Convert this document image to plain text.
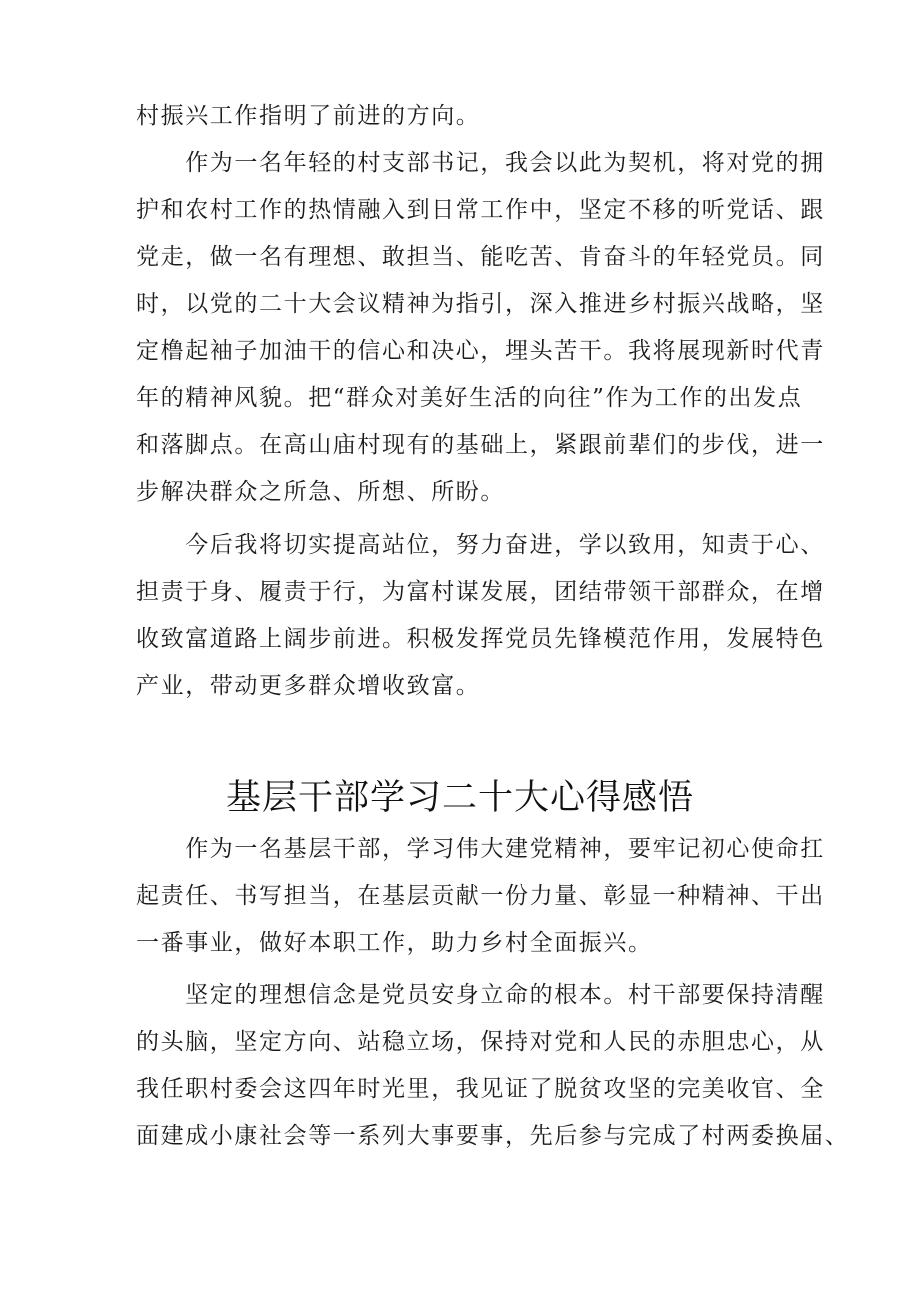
村振兴工作指明了前进的方向。
　　作为一名年轻的村支部书记，我会以此为契机，将对党的拥
护和农村工作的热情融入到日常工作中，坚定不移的听党话、跟
党走，做一名有理想、敢担当、能吃苦、肯奋斗的年轻党员。同
时，以党的二十大会议精神为指引，深入推进乡村振兴战略，坚
定橹起袖子加油干的信心和决心，埋头苦干。我将展现新时代青
年的精神风貌。把“群众对美好生活的向往”作为工作的出发点
和落脚点。在高山庙村现有的基础上，紧跟前辈们的步伐，进一
步解决群众之所急、所想、所盼。
　　今后我将切实提高站位，努力奋进，学以致用，知责于心、
担责于身、履责于行，为富村谋发展，团结带领干部群众，在增
收致富道路上阔步前进。积极发挥党员先锋模范作用，发展特色
产业，带动更多群众增收致富。
基层干部学习二十大心得感悟
　　作为一名基层干部，学习伟大建党精神，要牢记初心使命扛
起责任、书写担当，在基层贡献一份力量、彰显一种精神、干出
一番事业，做好本职工作，助力乡村全面振兴。
　　坚定的理想信念是党员安身立命的根本。村干部要保持清醒
的头脑，坚定方向、站稳立场，保持对党和人民的赤胆忠心，从
我任职村委会这四年时光里，我见证了脱贫攻坚的完美收官、全
面建成小康社会等一系列大事要事，先后参与完成了村两委换届、
